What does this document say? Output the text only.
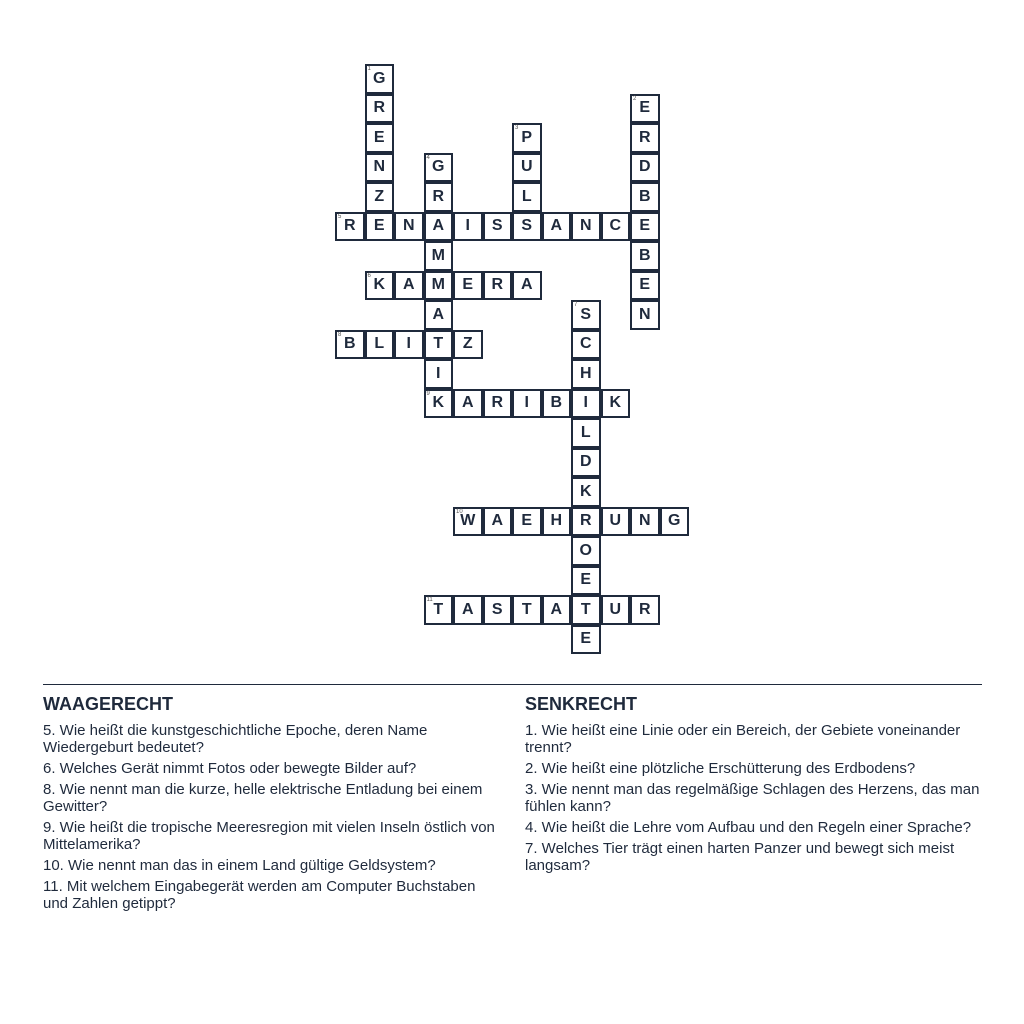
1
G
R
E
N
Z
E
2
E
R
D
B
E
B
E
N
3
P
U
L
S
4
G
R
A
M
M
A
T
I
9
K
5
R	N	I S	A N C
6
K A	E R A
7
S
C
H
I
L
D
K
R
O
E
T
E
8
B L I	Z
A R I B	K
10
W A E H	U N G
11
T A S T A	U R
WAAGERECHT
5. Wie heißt die kunstgeschichtliche Epoche, deren Name Wiedergeburt bedeutet?
6. Welches Gerät nimmt Fotos oder bewegte Bilder auf?
8. Wie nennt man die kurze, helle elektrische Entladung bei einem Gewitter?
9. Wie heißt die tropische Meeresregion mit vielen Inseln östlich von Mittelamerika?
10. Wie nennt man das in einem Land gültige Geldsystem?
11. Mit welchem Eingabegerät werden am Computer Buchstaben und Zahlen getippt?
SENKRECHT
1. Wie heißt eine Linie oder ein Bereich, der Gebiete voneinander trennt?
2. Wie heißt eine plötzliche Erschütterung des Erdbodens?
3. Wie nennt man das regelmäßige Schlagen des Herzens, das man fühlen kann?
4. Wie heißt die Lehre vom Aufbau und den Regeln einer Sprache?
7. Welches Tier trägt einen harten Panzer und bewegt sich meist langsam?
